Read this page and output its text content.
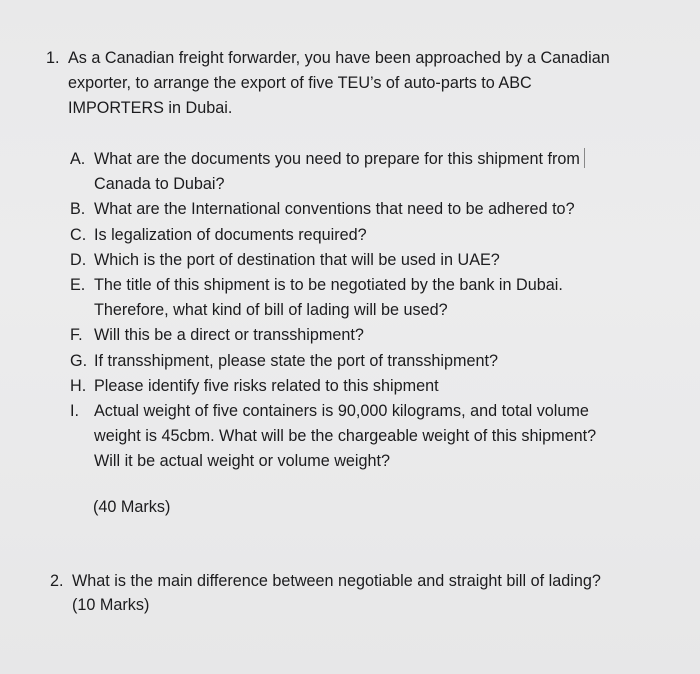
1. As a Canadian freight forwarder, you have been approached by a Canadian
exporter, to arrange the export of five TEU’s of auto-parts to ABC
IMPORTERS in Dubai.
A. What are the documents you need to prepare for this shipment from
Canada to Dubai?
B. What are the International conventions that need to be adhered to?
C. Is legalization of documents required?
D. Which is the port of destination that will be used in UAE?
E. The title of this shipment is to be negotiated by the bank in Dubai.
Therefore, what kind of bill of lading will be used?
F. Will this be a direct or transshipment?
G. If transshipment, please state the port of transshipment?
H. Please identify five risks related to this shipment
I. Actual weight of five containers is 90,000 kilograms, and total volume
weight is 45cbm. What will be the chargeable weight of this shipment?
Will it be actual weight or volume weight?
(40 Marks)
2. What is the main difference between negotiable and straight bill of lading?
(10 Marks)
